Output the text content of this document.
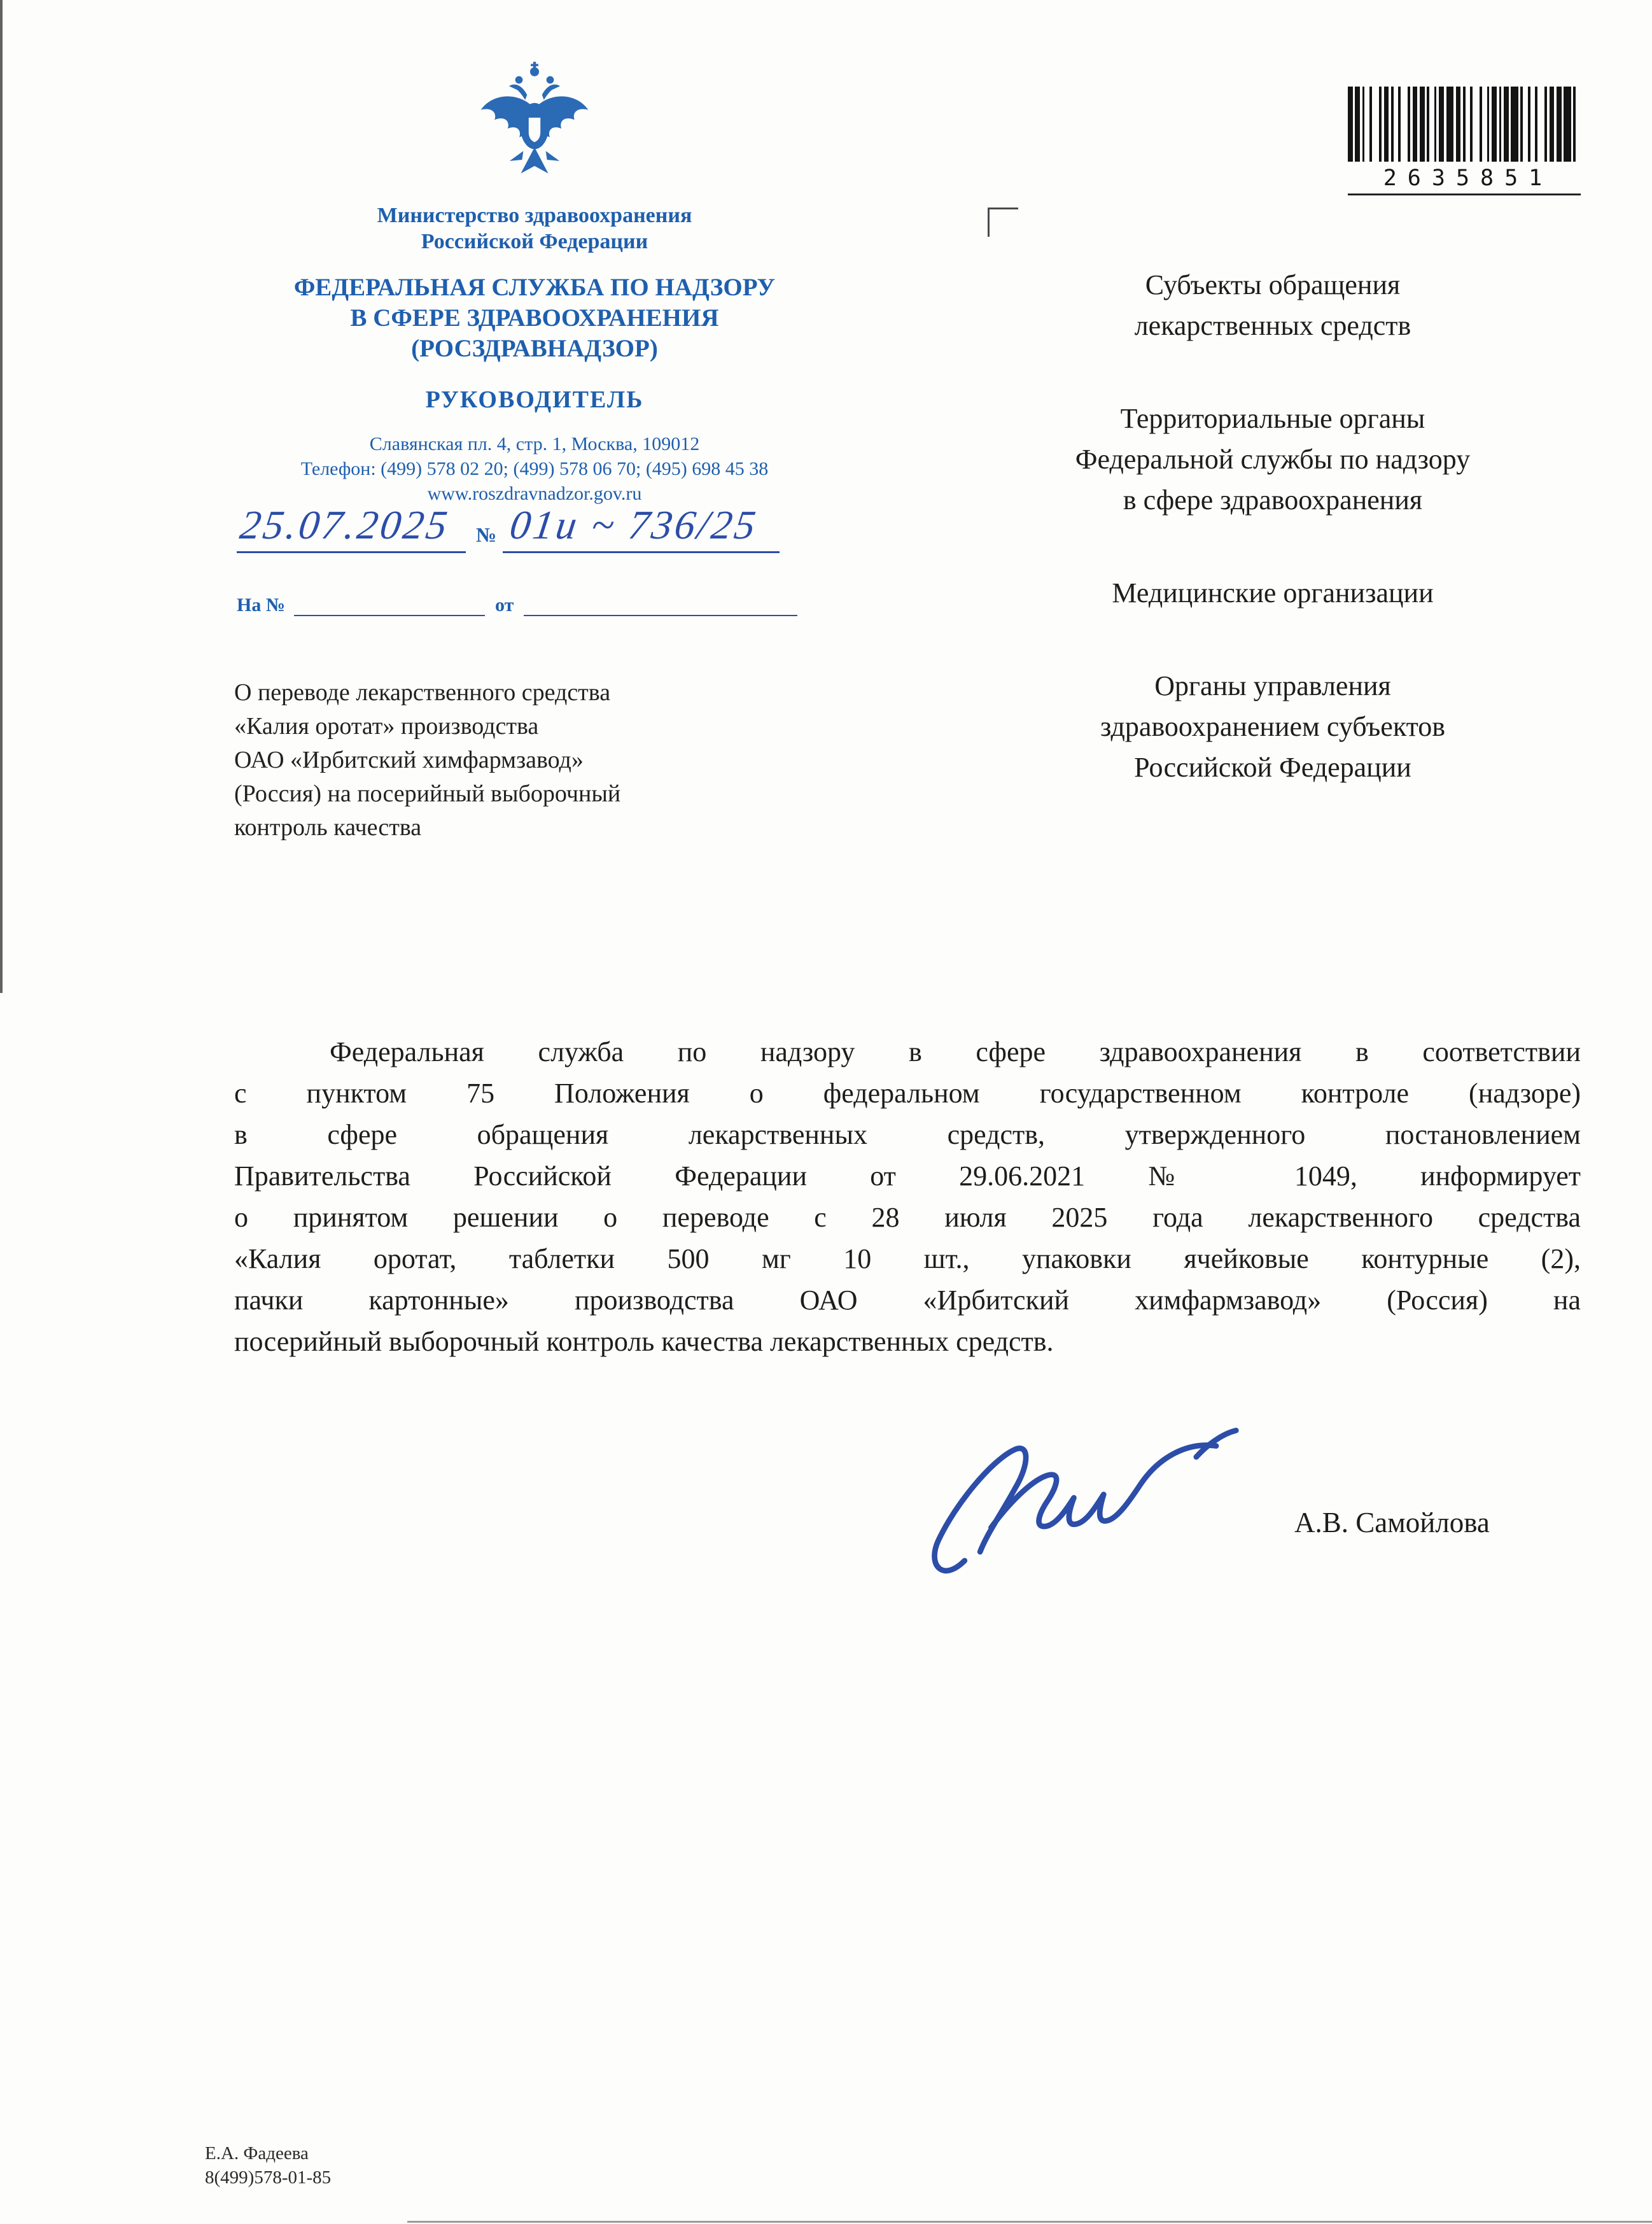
Министерство здравоохранения
Российской Федерации
ФЕДЕРАЛЬНАЯ СЛУЖБА ПО НАДЗОРУ
В СФЕРЕ ЗДРАВООХРАНЕНИЯ
(РОСЗДРАВНАДЗОР)
РУКОВОДИТЕЛЬ
Славянская пл. 4, стр. 1, Москва, 109012
Телефон: (499) 578 02 20; (499) 578 06 70; (495) 698 45 38
www.roszdravnadzor.gov.ru
25.07.2025	№ 01и ~ 736/25
На №	от
О переводе лекарственного средства
«Калия оротат» производства
ОАО «Ирбитский химфармзавод»
(Россия) на посерийный выборочный
контроль качества
2635851
Субъекты обращения
лекарственных средств
Территориальные органы
Федеральной службы по надзору
в сфере здравоохранения
Медицинские организации
Органы управления
здравоохранением субъектов
Российской Федерации
Федеральная служба по надзору в сфере здравоохранения в соответствии
с пунктом 75 Положения о федеральном государственном контроле (надзоре)
в сфере обращения лекарственных средств, утвержденного постановлением
Правительства Российской Федерации от 29.06.2021 № 1049, информирует
о принятом решении о переводе с 28 июля 2025 года лекарственного средства
«Калия оротат, таблетки 500 мг 10 шт., упаковки ячейковые контурные (2),
пачки картонные» производства ОАО «Ирбитский химфармзавод» (Россия) на
посерийный выборочный контроль качества лекарственных средств.
А.В. Самойлова
Е.А. Фадеева
8(499)578-01-85
